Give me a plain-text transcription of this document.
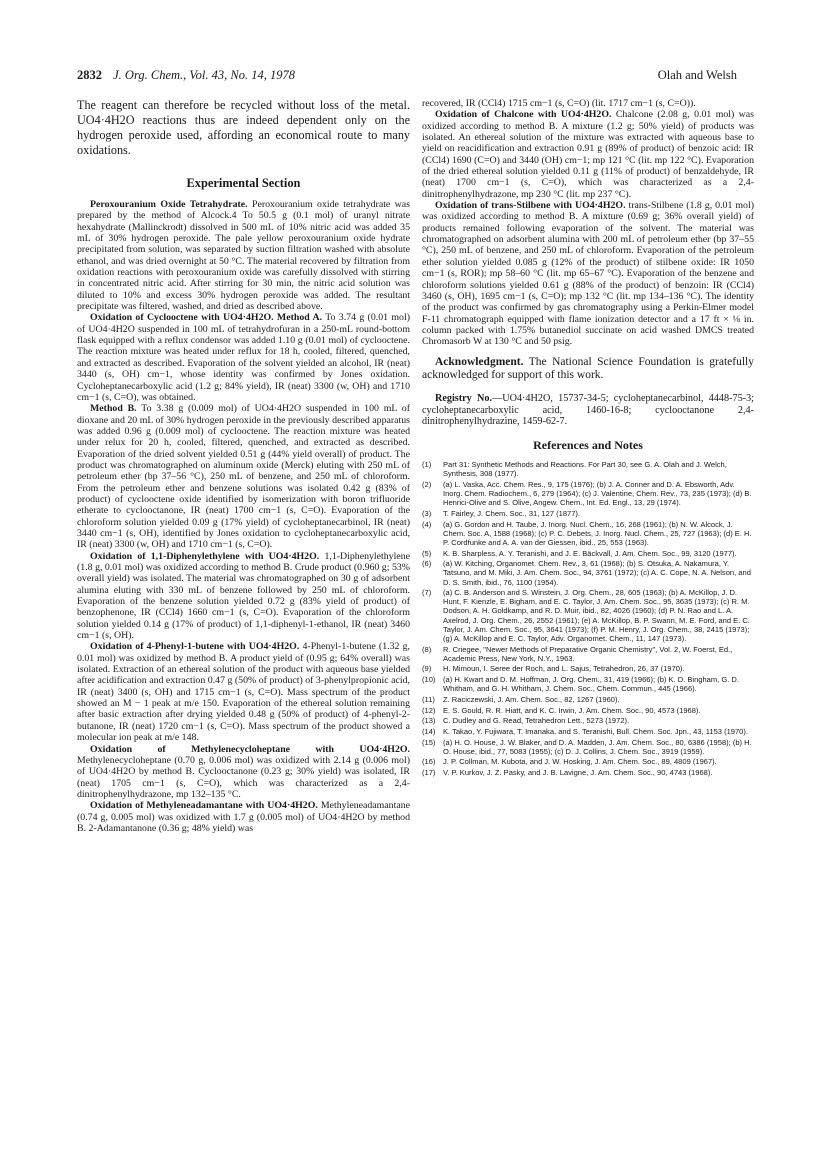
2832 J. Org. Chem., Vol. 43, No. 14, 1978	Olah and Welsh

The reagent can therefore be recycled without loss of the metal. UO4·4H2O reactions thus are indeed dependent only on the hydrogen peroxide used, affording an economical route to many oxidations.

Experimental Section

Peroxouranium Oxide Tetrahydrate. Peroxouranium oxide tetrahydrate was prepared by the method of Alcock.4 To 50.5 g (0.1 mol) of uranyl nitrate hexahydrate (Mallinckrodt) dissolved in 500 mL of 10% nitric acid was added 35 mL of 30% hydrogen peroxide. The pale yellow peroxouranium oxide hydrate precipitated from solution, was separated by suction filtration washed with absolute ethanol, and was dried overnight at 50 °C. The material recovered by filtration from oxidation reactions with peroxouranium oxide was carefully dissolved with stirring in concentrated nitric acid. After stirring for 30 min, the nitric acid solution was diluted to 10% and excess 30% hydrogen peroxide was added. The resultant precipitate was filtered, washed, and dried as described above.

Oxidation of Cyclooctene with UO4·4H2O. Method A. To 3.74 g (0.01 mol) of UO4·4H2O suspended in 100 mL of tetrahydrofuran in a 250-mL round-bottom flask equipped with a reflux condensor was added 1.10 g (0.01 mol) of cyclooctene. The reaction mixture was heated under reflux for 18 h, cooled, filtered, quenched, and extracted as described. Evaporation of the solvent yielded an alcohol, IR (neat) 3440 (s, OH) cm−1, whose identity was confirmed by Jones oxidation. Cycloheptanecarboxylic acid (1.2 g; 84% yield), IR (neat) 3300 (w, OH) and 1710 cm−1 (s, C=O), was obtained.

Method B. To 3.38 g (0.009 mol) of UO4·4H2O suspended in 100 mL of dioxane and 20 mL of 30% hydrogen peroxide in the previously described apparatus was added 0.96 g (0.009 mol) of cyclooctene. The reaction mixture was heated under relux for 20 h, cooled, filtered, quenched, and extracted as described. Evaporation of the dried solvent yielded 0.51 g (44% yield overall) of product. The product was chromatographed on aluminum oxide (Merck) eluting with 250 mL of petroleum ether (bp 37–56 °C), 250 mL of benzene, and 250 mL of chloroform. From the petroleum ether and benzene solutions was isolated 0.42 g (83% of product) of cyclooctene oxide identified by isomerization with boron trifluoride etherate to cyclooctanone, IR (neat) 1700 cm−1 (s, C=O). Evaporation of the chloroform solution yielded 0.09 g (17% yield) of cycloheptanecarbinol, IR (neat) 3440 cm−1 (s, OH), identified by Jones oxidation to cycloheptanecarboxylic acid, IR (neat) 3300 (w, OH) and 1710 cm−1 (s, C=O).

Oxidation of 1,1-Diphenylethylene with UO4·4H2O. 1,1-Diphenylethylene (1.8 g, 0.01 mol) was oxidized according to method B. Crude product (0.960 g; 53% overall yield) was isolated. The material was chromatographed on 30 g of adsorbent alumina eluting with 330 mL of benzene followed by 250 mL of chloroform. Evaporation of the benzene solution yielded 0.72 g (83% yield of product) of benzophenone, IR (CCl4) 1660 cm−1 (s, C=O). Evaporation of the chloroform solution yielded 0.14 g (17% of product) of 1,1-diphenyl-1-ethanol, IR (neat) 3460 cm−1 (s, OH).

Oxidation of 4-Phenyl-1-butene with UO4·4H2O. 4-Phenyl-1-butene (1.32 g, 0.01 mol) was oxidized by method B. A product yield of (0.95 g; 64% overall) was isolated. Extraction of an ethereal solution of the product with aqueous base yielded after acidification and extraction 0.47 g (50% of product) of 3-phenylpropionic acid, IR (neat) 3400 (s, OH) and 1715 cm−1 (s, C=O). Mass spectrum of the product showed an M − 1 peak at m/e 150. Evaporation of the ethereal solution remaining after basic extraction after drying yielded 0.48 g (50% of product) of 4-phenyl-2-butanone, IR (neat) 1720 cm−1 (s, C=O). Mass spectrum of the product showed a molecular ion peak at m/e 148.

Oxidation of Methylenecycloheptane with UO4·4H2O. Methylenecycloheptane (0.70 g, 0.006 mol) was oxidized with 2.14 g (0.006 mol) of UO4·4H2O by method B. Cyclooctanone (0.23 g; 30% yield) was isolated, IR (neat) 1705 cm−1 (s, C=O), which was characterized as a 2,4-dinitrophenylhydrazone, mp 132–135 °C.

Oxidation of Methyleneadamantane with UO4·4H2O. Methyleneadamantane (0.74 g, 0.005 mol) was oxidized with 1.7 g (0.005 mol) of UO4·4H2O by method B. 2-Adamantanone (0.36 g; 48% yield) was

recovered, IR (CCl4) 1715 cm−1 (s, C=O) (lit. 1717 cm−1 (s, C=O)).

Oxidation of Chalcone with UO4·4H2O. Chalcone (2.08 g, 0.01 mol) was oxidized according to method B. A mixture (1.2 g; 50% yield) of products was isolated. An ethereal solution of the mixture was extracted with aqueous base to yield on reacidification and extraction 0.91 g (89% of product) of benzoic acid: IR (CCl4) 1690 (C=O) and 3440 (OH) cm−1; mp 121 °C (lit. mp 122 °C). Evaporation of the dried ethereal solution yielded 0.11 g (11% of product) of benzaldehyde, IR (neat) 1700 cm−1 (s, C=O), which was characterized as a 2,4-dinitrophenylhydrazone, mp 230 °C (lit. mp 237 °C).

Oxidation of trans-Stilbene with UO4·4H2O. trans-Stilbene (1.8 g, 0.01 mol) was oxidized according to method B. A mixture (0.69 g; 36% overall yield) of products remained following evaporation of the solvent. The material was chromatographed on adsorbent alumina with 200 mL of petroleum ether (bp 37–55 °C), 250 mL of benzene, and 250 mL of chloroform. Evaporation of the petroleum ether solution yielded 0.085 g (12% of the product) of stilbene oxide: IR 1050 cm−1 (s, ROR); mp 58–60 °C (lit. mp 65–67 °C). Evaporation of the benzene and chloroform solutions yielded 0.61 g (88% of the product) of benzoin: IR (CCl4) 3460 (s, OH), 1695 cm−1 (s, C=O); mp 132 °C (lit. mp 134–136 °C). The identity of the product was confirmed by gas chromatography using a Perkin-Elmer model F-11 chromatograph equipped with flame ionization detector and a 17 ft × ⅛ in. column packed with 1.75% butanediol succinate on acid washed DMCS treated Chromasorb W at 130 °C and 50 psig.

Acknowledgment. The National Science Foundation is gratefully acknowledged for support of this work.

Registry No.—UO4·4H2O, 15737-34-5; cycloheptanecarbinol, 4448-75-3; cycloheptanecarboxylic acid, 1460-16-8; cyclooctanone 2,4-dinitrophenylhydrazine, 1459-62-7.

References and Notes
(1) Part 31: Synthetic Methods and Reactions. For Part 30, see G. A. Olah and J. Welch, Synthesis, 308 (1977).
(2) (a) L. Vaska, Acc. Chem. Res., 9, 175 (1976); (b) J. A. Conner and D. A. Ebsworth, Adv. Inorg. Chem. Radiochem., 6, 279 (1964); (c) J. Valentine, Chem. Rev., 73, 235 (1973); (d) B. Henrici-Olive and S. Olive, Angew. Chem., Int. Ed. Engl., 13, 29 (1974).
(3) T. Fairley, J. Chem. Soc., 31, 127 (1877).
(4) (a) G. Gordon and H. Taube, J. Inorg. Nucl. Chem., 16, 268 (1961); (b) N. W. Alcock, J. Chem. Soc. A, 1588 (1968); (c) P. C. Debets, J. Inorg. Nucl. Chem., 25, 727 (1963); (d) E. H. P. Cordfunke and A. A. van der Giessen, ibid., 25, 553 (1963).
(5) K. B. Sharpless, A. Y. Teranishi, and J. E. Bäckvall, J. Am. Chem. Soc., 99, 3120 (1977).
(6) (a) W. Kitching, Organomet. Chem. Rev., 3, 61 (1968); (b) S. Otsuka, A. Nakamura, Y. Tatsuno, and M. Miki, J. Am. Chem. Soc., 94, 3761 (1972); (c) A. C. Cope, N. A. Nelson, and D. S. Smith, ibid., 76, 1100 (1954).
(7) (a) C. B. Anderson and S. Winstein, J. Org. Chem., 28, 605 (1963); (b) A. McKillop, J. D. Hunt, F. Kienzle, E. Bigham, and E. C. Taylor, J. Am. Chem. Soc., 95, 3635 (1973); (c) R. M. Dodson, A. H. Goldkamp, and R. D. Muir, ibid., 82, 4026 (1960); (d) P. N. Rao and L. A. Axelrod, J. Org. Chem., 26, 2552 (1961); (e) A. McKillop, B. P. Swann, M. E. Ford, and E. C. Taylor, J. Am. Chem. Soc., 95, 3641 (1973); (f) P. M. Henry, J. Org. Chem., 38, 2415 (1973); (g) A. McKillop and E. C. Taylor, Adv. Organomet. Chem., 11, 147 (1973).
(8) R. Criegee, "Newer Methods of Preparative Organic Chemistry", Vol. 2, W. Foerst, Ed., Academic Press, New York, N.Y., 1963.
(9) H. Mimoun, I. Seree der Roch, and L. Sajus, Tetrahedron, 26, 37 (1970).
(10) (a) H. Kwart and D. M. Hoffman, J. Org. Chem., 31, 419 (1966); (b) K. D. Bingham, G. D. Whitham, and G. H. Whitham, J. Chem. Soc., Chem. Commun., 445 (1966).
(11) Z. Raciczewski, J. Am. Chem. Soc., 82, 1267 (1960).
(12) E. S. Gould, R. R. Hiatt, and K. C. Irwin, J. Am. Chem. Soc., 90, 4573 (1968).
(13) C. Dudley and G. Read, Tetrahedron Lett., 5273 (1972).
(14) K. Takao, Y. Fujiwara, T. Imanaka, and S. Teranishi, Bull. Chem. Soc. Jpn., 43, 1153 (1970).
(15) (a) H. O. House, J. W. Blaker, and D. A. Madden, J. Am. Chem. Soc., 80, 6386 (1958); (b) H. O. House, ibid., 77, 5083 (1955); (c) D. J. Collins, J. Chem. Soc., 3919 (1959).
(16) J. P. Collman, M. Kubota, and J. W. Hosking, J. Am. Chem. Soc., 89, 4809 (1967).
(17) V. P. Kurkov, J. Z. Pasky, and J. B. Lavigne, J. Am. Chem. Soc., 90, 4743 (1968).
